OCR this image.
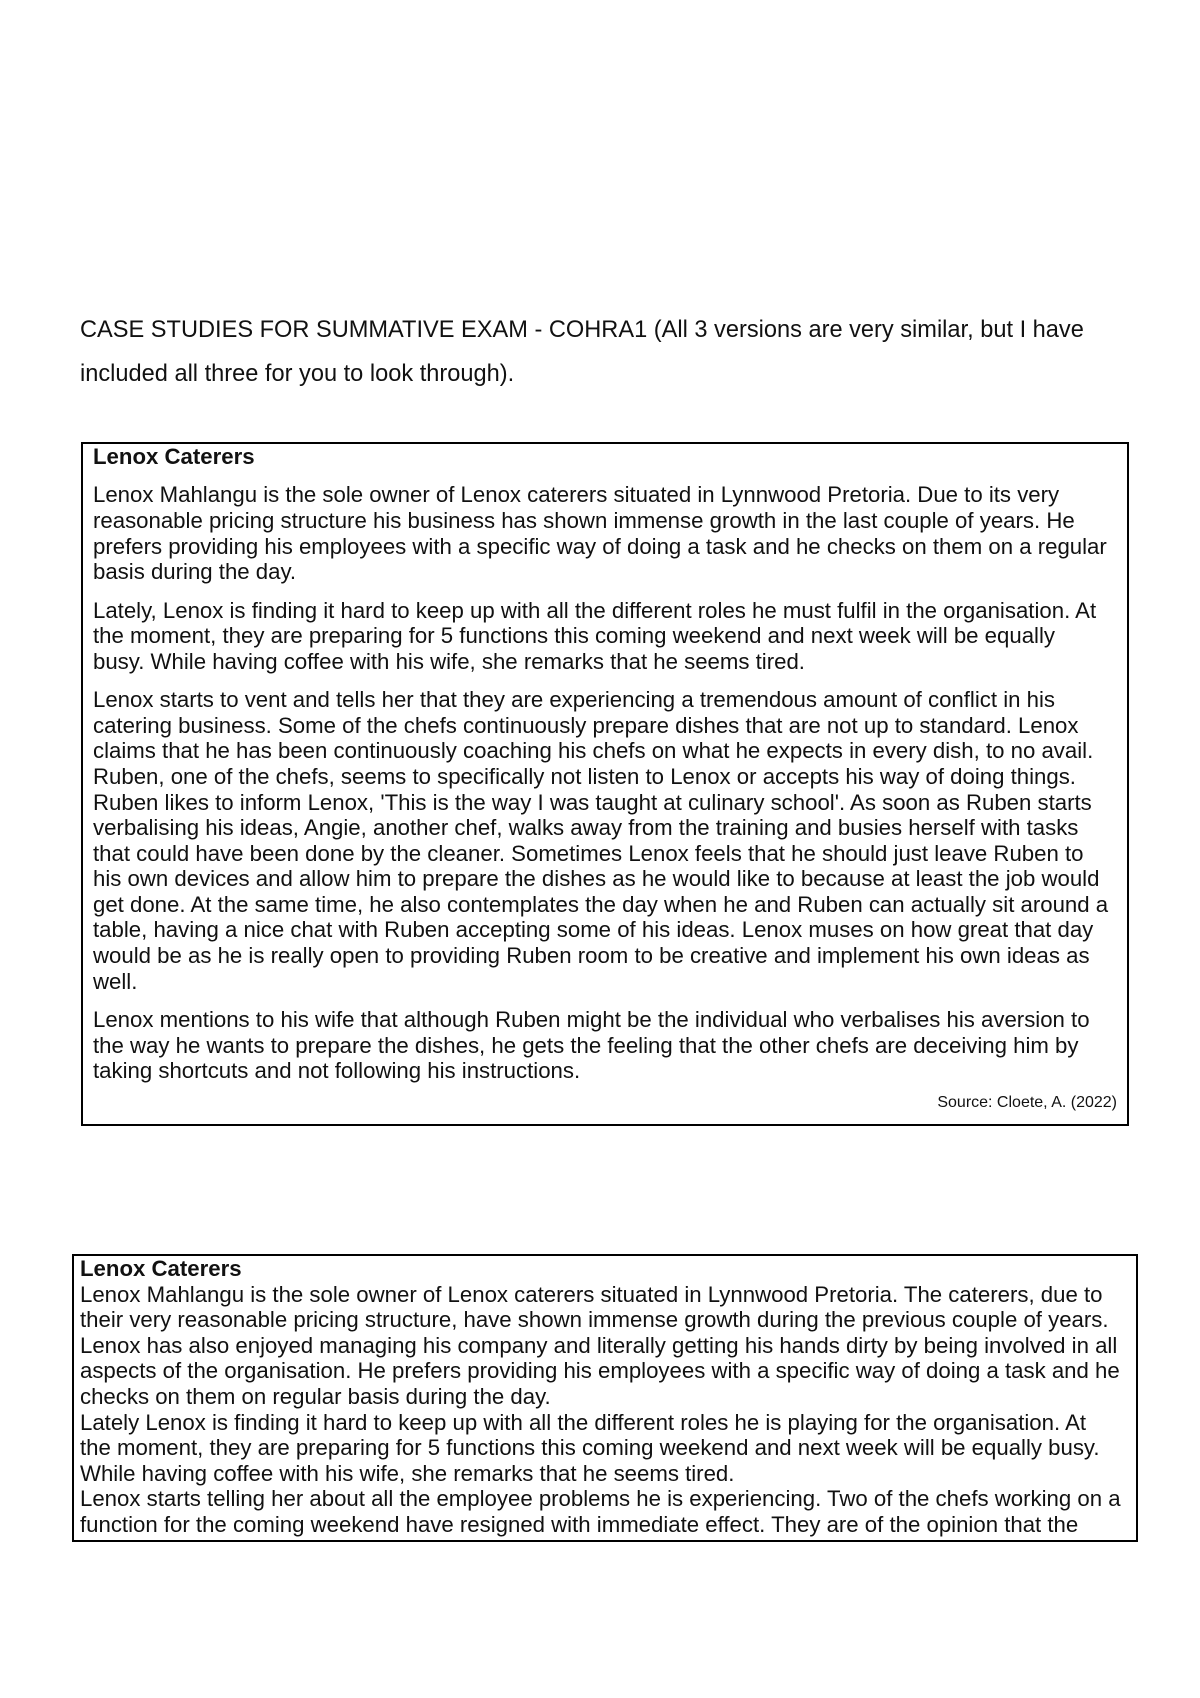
CASE STUDIES FOR SUMMATIVE EXAM - COHRA1 (All 3 versions are very similar, but I have
included all three for you to look through).
Lenox Caterers
Lenox Mahlangu is the sole owner of Lenox caterers situated in Lynnwood Pretoria. Due to its very
reasonable pricing structure his business has shown immense growth in the last couple of years. He
prefers providing his employees with a specific way of doing a task and he checks on them on a regular
basis during the day.
Lately, Lenox is finding it hard to keep up with all the different roles he must fulfil in the organisation. At
the moment, they are preparing for 5 functions this coming weekend and next week will be equally
busy. While having coffee with his wife, she remarks that he seems tired.
Lenox starts to vent and tells her that they are experiencing a tremendous amount of conflict in his
catering business. Some of the chefs continuously prepare dishes that are not up to standard. Lenox
claims that he has been continuously coaching his chefs on what he expects in every dish, to no avail.
Ruben, one of the chefs, seems to specifically not listen to Lenox or accepts his way of doing things.
Ruben likes to inform Lenox, 'This is the way I was taught at culinary school'. As soon as Ruben starts
verbalising his ideas, Angie, another chef, walks away from the training and busies herself with tasks
that could have been done by the cleaner. Sometimes Lenox feels that he should just leave Ruben to
his own devices and allow him to prepare the dishes as he would like to because at least the job would
get done. At the same time, he also contemplates the day when he and Ruben can actually sit around a
table, having a nice chat with Ruben accepting some of his ideas. Lenox muses on how great that day
would be as he is really open to providing Ruben room to be creative and implement his own ideas as
well.
Lenox mentions to his wife that although Ruben might be the individual who verbalises his aversion to
the way he wants to prepare the dishes, he gets the feeling that the other chefs are deceiving him by
taking shortcuts and not following his instructions.
Source: Cloete, A. (2022)
Lenox Caterers
Lenox Mahlangu is the sole owner of Lenox caterers situated in Lynnwood Pretoria. The caterers, due to
their very reasonable pricing structure, have shown immense growth during the previous couple of years.
Lenox has also enjoyed managing his company and literally getting his hands dirty by being involved in all
aspects of the organisation. He prefers providing his employees with a specific way of doing a task and he
checks on them on regular basis during the day.
Lately Lenox is finding it hard to keep up with all the different roles he is playing for the organisation. At
the moment, they are preparing for 5 functions this coming weekend and next week will be equally busy.
While having coffee with his wife, she remarks that he seems tired.
Lenox starts telling her about all the employee problems he is experiencing. Two of the chefs working on a
function for the coming weekend have resigned with immediate effect. They are of the opinion that the
